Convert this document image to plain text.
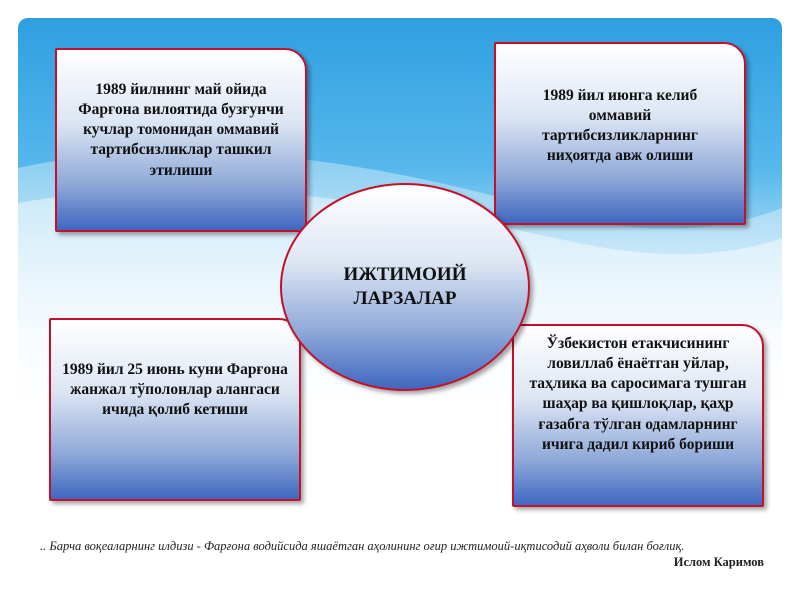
1989 йилнинг май ойида Фарғона вилоятида бузғунчи кучлар томонидан оммавий тартибсизликлар ташкил этилиши
1989 йил июнга келиб оммавий тартибсизликларнинг ниҳоятда авж олиши
1989 йил 25 июнь куни Фарғона жанжал тўполонлар алангаси ичида қолиб кетиши
Ўзбекистон етакчисининг ловиллаб ёнаётган уйлар, таҳлика ва саросимага тушган шаҳар ва қишлоқлар, қаҳр ғазабга тўлган одамларнинг ичига дадил кириб бориши
ИЖТИМОИЙ ЛАРЗАЛАР
.. Барча воқеаларнинг илдизи - Фарғона водийсида яшаётган аҳолининг оғир ижтимоий-иқтисодий аҳволи билан боғлиқ.
Ислом Каримов
